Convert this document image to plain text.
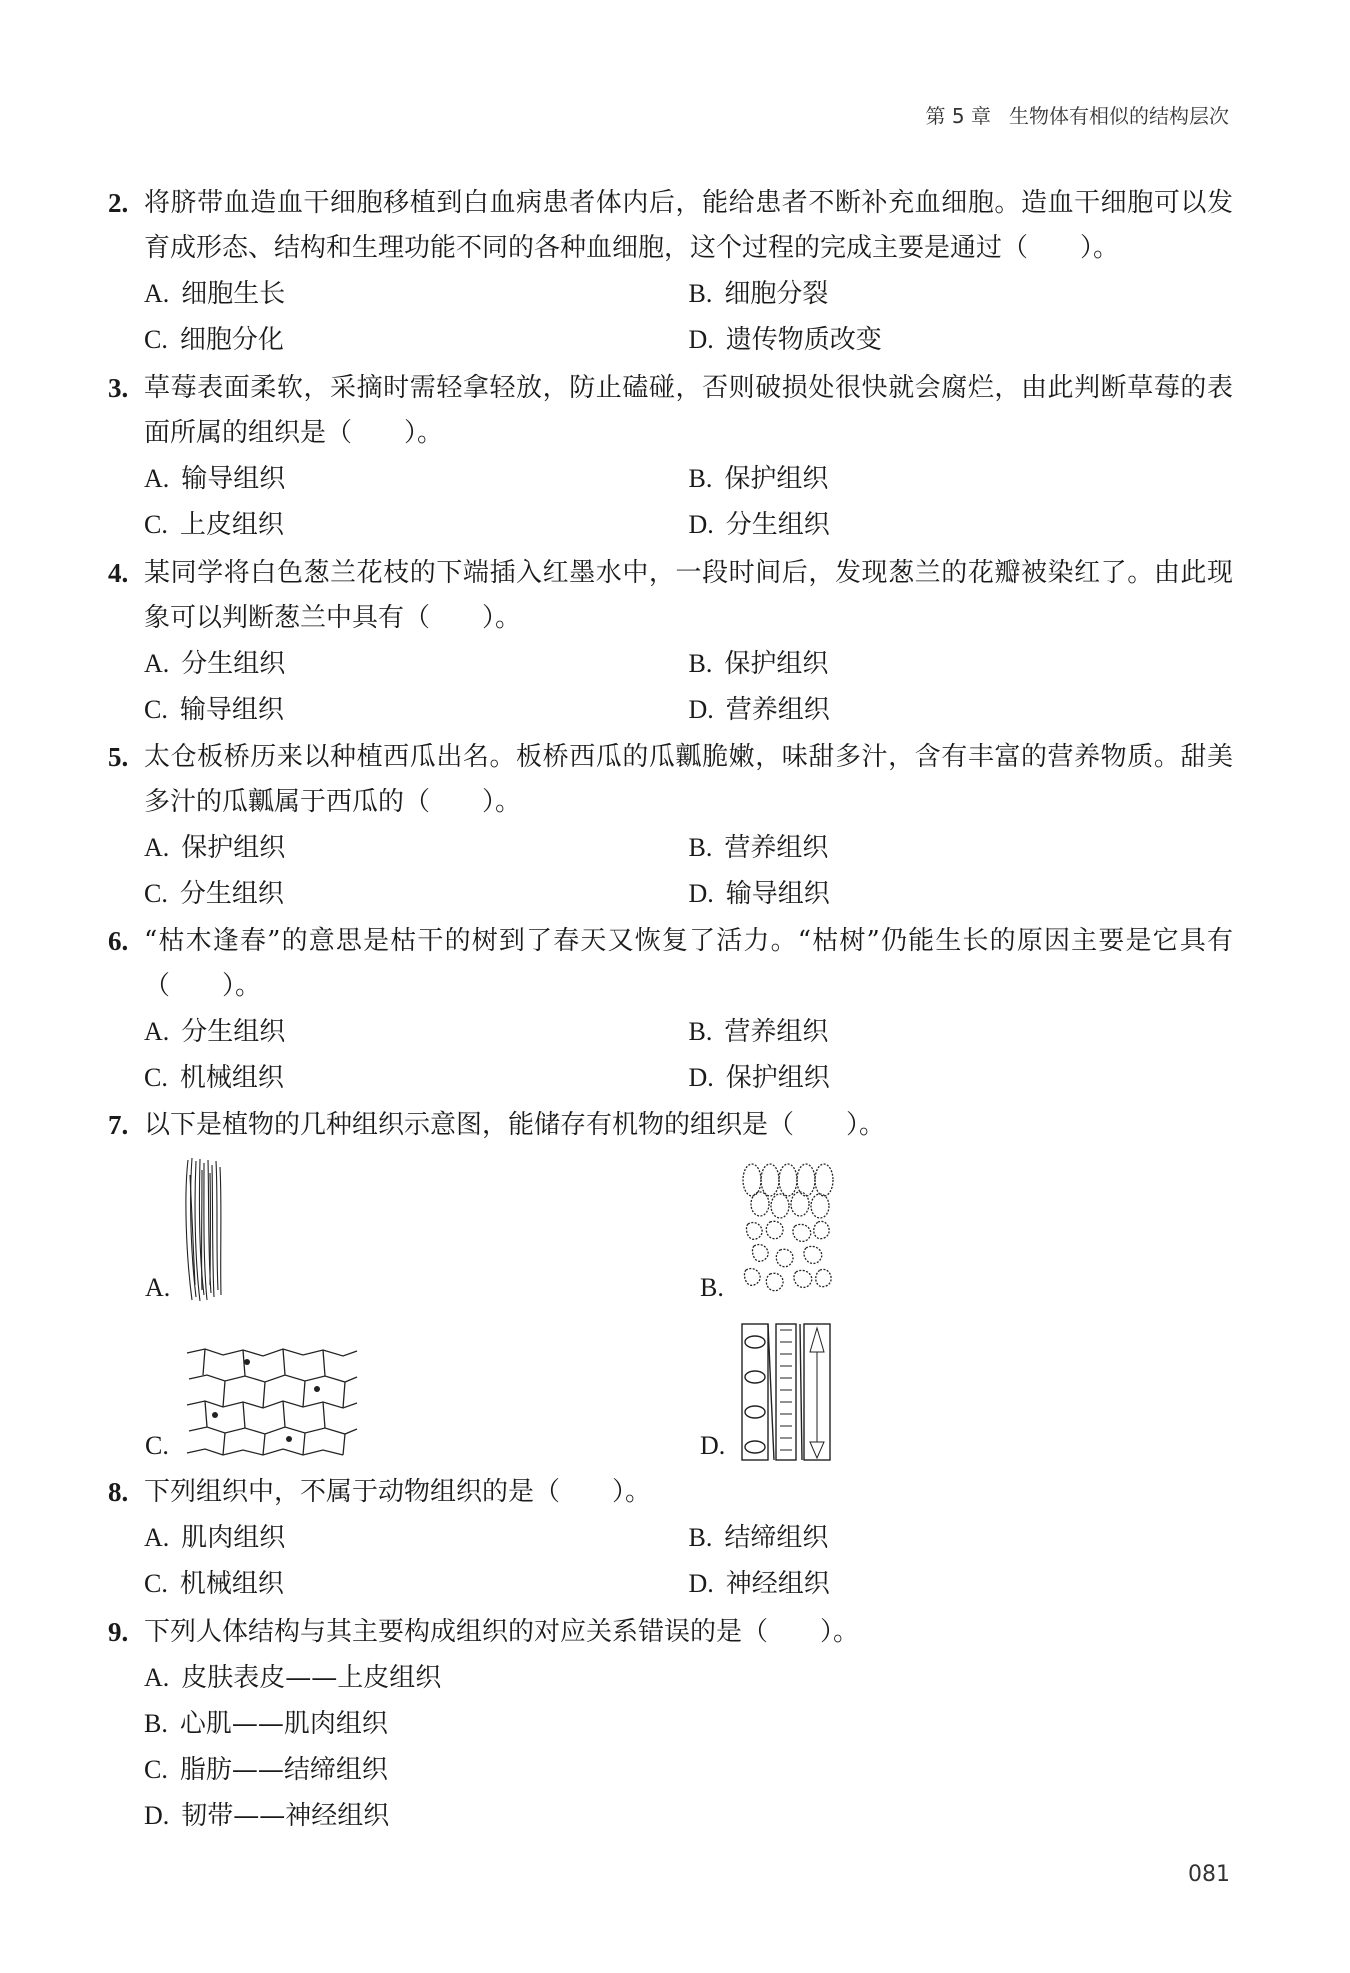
第 5 章 生物体有相似的结构层次
2. 将脐带血造血干细胞移植到白血病患者体内后，能给患者不断补充血细胞。造血干细胞可以发育成形态、结构和生理功能不同的各种血细胞，这个过程的完成主要是通过（　　）。
A. 细胞生长	B. 细胞分裂
C. 细胞分化	D. 遗传物质改变
3. 草莓表面柔软，采摘时需轻拿轻放，防止磕碰，否则破损处很快就会腐烂，由此判断草莓的表面所属的组织是（　　）。
A. 输导组织	B. 保护组织
C. 上皮组织	D. 分生组织
4. 某同学将白色葱兰花枝的下端插入红墨水中，一段时间后，发现葱兰的花瓣被染红了。由此现象可以判断葱兰中具有（　　）。
A. 分生组织	B. 保护组织
C. 输导组织	D. 营养组织
5. 太仓板桥历来以种植西瓜出名。板桥西瓜的瓜瓤脆嫩，味甜多汁，含有丰富的营养物质。甜美多汁的瓜瓤属于西瓜的（　　）。
A. 保护组织	B. 营养组织
C. 分生组织	D. 输导组织
6. “枯木逢春”的意思是枯干的树到了春天又恢复了活力。“枯树”仍能生长的原因主要是它具有（　　）。
A. 分生组织	B. 营养组织
C. 机械组织	D. 保护组织
7. 以下是植物的几种组织示意图，能储存有机物的组织是（　　）。
A.	B.
C.	D.
8. 下列组织中，不属于动物组织的是（　　）。
A. 肌肉组织	B. 结缔组织
C. 机械组织	D. 神经组织
9. 下列人体结构与其主要构成组织的对应关系错误的是（　　）。
A. 皮肤表皮——上皮组织
B. 心肌——肌肉组织
C. 脂肪——结缔组织
D. 韧带——神经组织
081
